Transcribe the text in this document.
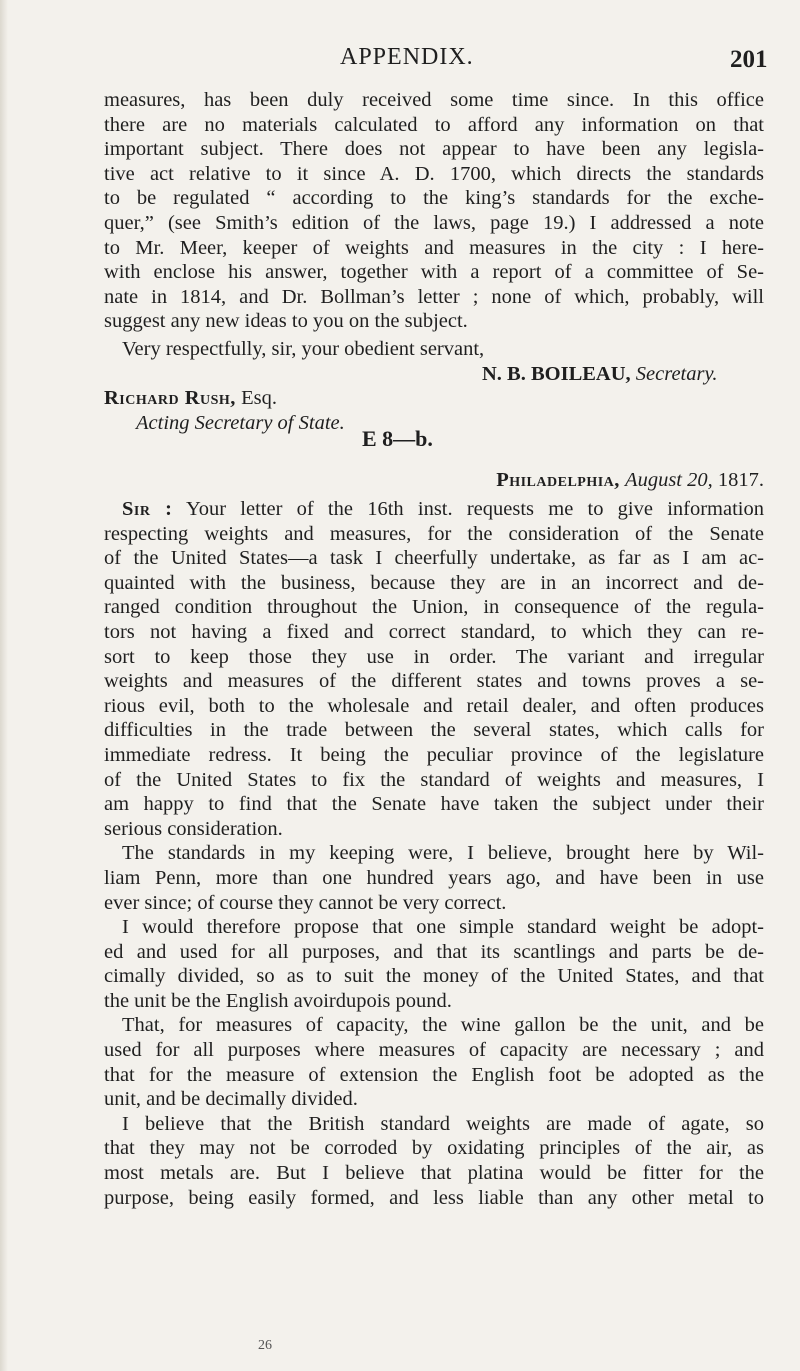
APPENDIX.	201
measures, has been duly received some time since. In this office
there are no materials calculated to afford any information on that
important subject. There does not appear to have been any legisla-
tive act relative to it since A. D. 1700, which directs the standards
to be regulated “ according to the king’s standards for the exche-
quer,” (see Smith’s edition of the laws, page 19.) I addressed a note
to Mr. Meer, keeper of weights and measures in the city : I here-
with enclose his answer, together with a report of a committee of Se-
nate in 1814, and Dr. Bollman’s letter ; none of which, probably, will
suggest any new ideas to you on the subject.
Very respectfully, sir, your obedient servant,
N. B. BOILEAU, Secretary.
Richard Rush, Esq.
Acting Secretary of State.
E 8—b.
Philadelphia, August 20, 1817.
Sir : Your letter of the 16th inst. requests me to give information
respecting weights and measures, for the consideration of the Senate
of the United States—a task I cheerfully undertake, as far as I am ac-
quainted with the business, because they are in an incorrect and de-
ranged condition throughout the Union, in consequence of the regula-
tors not having a fixed and correct standard, to which they can re-
sort to keep those they use in order. The variant and irregular
weights and measures of the different states and towns proves a se-
rious evil, both to the wholesale and retail dealer, and often produces
difficulties in the trade between the several states, which calls for
immediate redress. It being the peculiar province of the legislature
of the United States to fix the standard of weights and measures, I
am happy to find that the Senate have taken the subject under their
serious consideration.
The standards in my keeping were, I believe, brought here by Wil-
liam Penn, more than one hundred years ago, and have been in use
ever since; of course they cannot be very correct.
I would therefore propose that one simple standard weight be adopt-
ed and used for all purposes, and that its scantlings and parts be de-
cimally divided, so as to suit the money of the United States, and that
the unit be the English avoirdupois pound.
That, for measures of capacity, the wine gallon be the unit, and be
used for all purposes where measures of capacity are necessary ; and
that for the measure of extension the English foot be adopted as the
unit, and be decimally divided.
I believe that the British standard weights are made of agate, so
that they may not be corroded by oxidating principles of the air, as
most metals are. But I believe that platina would be fitter for the
purpose, being easily formed, and less liable than any other metal to
26
